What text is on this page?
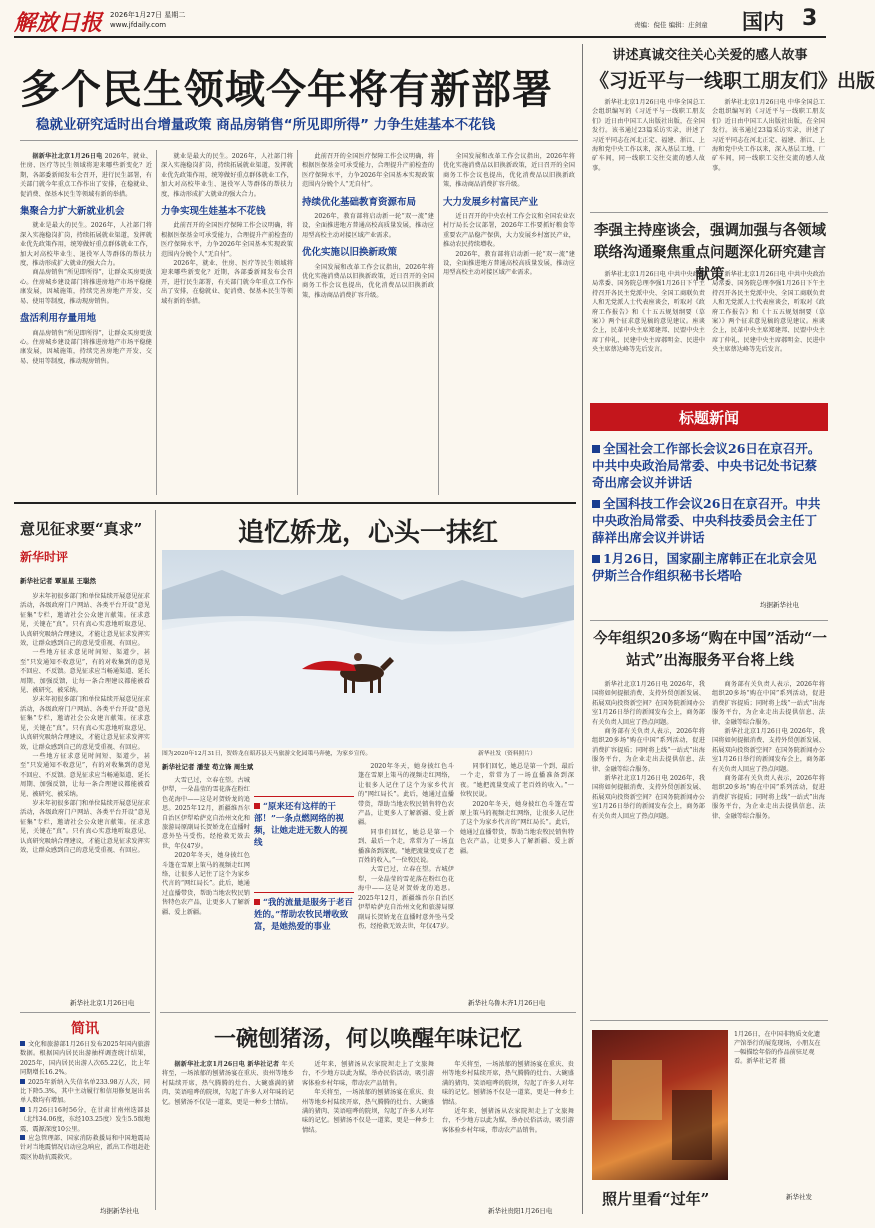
解放日报 2026年1月27日 星期二
www.jfdaily.com	责编：倪佳 编辑：庄剑童 国内 3
多个民生领域今年将有新部署
稳就业研究适时出台增量政策 商品房销售“所见即所得” 力争生娃基本不花钱

据新华社北京1月26日电 2026年，就业、住房、医疗等民生领域将迎来哪些新变化？近期，各部委新闻发布会召开，进行民生部署，有关部门就今年重点工作作出了安排，在稳就业、促消费、保基本民生等领域有新的举措。

集聚合力扩大新就业机会

就业是最大的民生。2026年，人社部门将深入实施稳岗扩岗，持续拓展就业渠道，发挥就业优先政策作用，统筹做好重点群体就业工作，加大对高校毕业生、退役军人等群体的帮扶力度，推动形成扩大就业的强大合力。

商品房销售“所见即所得”，让群众买房更放心。住房城乡建设部门将推进房地产市场平稳健康发展，因城施策，持续完善房地产开发、交易、使用等制度，推动现房销售。

盘活利用存量用地

商品房销售“所见即所得”，让群众买房更放心。住房城乡建设部门将推进房地产市场平稳健康发展，因城施策，持续完善房地产开发、交易、使用等制度，推动现房销售。

就业是最大的民生。2026年，人社部门将深入实施稳岗扩岗，持续拓展就业渠道，发挥就业优先政策作用，统筹做好重点群体就业工作，加大对高校毕业生、退役军人等群体的帮扶力度，推动形成扩大就业的强大合力。

力争实现生娃基本不花钱

此前召开的全国医疗保障工作会议明确，将根据医保基金可承受能力，合理提升产前检查的医疗保障水平，力争2026年全国基本实现政策范围内分娩个人“无自付”。

2026年，就业、住房、医疗等民生领域将迎来哪些新变化？近期，各部委新闻发布会召开，进行民生部署，有关部门就今年重点工作作出了安排，在稳就业、促消费、保基本民生等领域有新的举措。

此前召开的全国医疗保障工作会议明确，将根据医保基金可承受能力，合理提升产前检查的医疗保障水平，力争2026年全国基本实现政策范围内分娩个人“无自付”。

持续优化基础教育资源布局

2026年，教育部将启动新一轮“双一流”建设，全面推进地方普通高校高质量发展，推动应用型高校主动对接区域产业需求。

优化实施以旧换新政策

全国发展和改革工作会议指出，2026年将优化实施消费品以旧换新政策，近日召开的全国商务工作会议也提出，优化消费品以旧换新政策，推动商品消费扩容升级。

全国发展和改革工作会议指出，2026年将优化实施消费品以旧换新政策，近日召开的全国商务工作会议也提出，优化消费品以旧换新政策，推动商品消费扩容升级。

大力发展乡村富民产业

近日召开的中央农村工作会议和全国农业农村厅局长会议部署，2026年工作要抓好粮食等重要农产品稳产保供，大力发展乡村富民产业，推动农民持续增收。

2026年，教育部将启动新一轮“双一流”建设，全面推进地方普通高校高质量发展，推动应用型高校主动对接区域产业需求。

讲述真诚交往关心关爱的感人故事
《习近平与一线职工朋友们》出版

新华社北京1月26日电 中华全国总工会组织编写的《习近平与一线职工朋友们》近日由中国工人出版社出版，在全国发行。该书通过23篇采访实录，讲述了习近平同志在河北正定、福建、浙江、上海和党中央工作以来，深入基层工地、厂矿车间，同一线职工交往交流的感人故事。

新华社北京1月26日电 中华全国总工会组织编写的《习近平与一线职工朋友们》近日由中国工人出版社出版，在全国发行。该书通过23篇采访实录，讲述了习近平同志在河北正定、福建、浙江、上海和党中央工作以来，深入基层工地、厂矿车间，同一线职工交往交流的感人故事。

李强主持座谈会，强调加强与各领域联络沟通聚焦重点问题深化研究建言献策

新华社北京1月26日电 中共中央政治局常委、国务院总理李强1月26日下午主持召开各民主党派中央、全国工商联负责人和无党派人士代表座谈会，听取对《政府工作报告》和《十五五规划纲要（草案）》两个征求意见稿的意见建议。座谈会上，民革中央主席郑建邦、民盟中央主席丁仲礼、民建中央主席郝明金、民进中央主席蔡达峰等先后发言。

新华社北京1月26日电 中共中央政治局常委、国务院总理李强1月26日下午主持召开各民主党派中央、全国工商联负责人和无党派人士代表座谈会，听取对《政府工作报告》和《十五五规划纲要（草案）》两个征求意见稿的意见建议。座谈会上，民革中央主席郑建邦、民盟中央主席丁仲礼、民建中央主席郝明金、民进中央主席蔡达峰等先后发言。

标题新闻
全国社会工作部长会议26日在京召开。中共中央政治局常委、中央书记处书记蔡奇出席会议并讲话
全国科技工作会议26日在京召开。中共中央政治局常委、中央科技委员会主任丁薛祥出席会议并讲话
1月26日，国家副主席韩正在北京会见伊斯兰合作组织秘书长塔哈
均据新华社电
今年组织20多场“购在中国”活动“一站式”出海服务平台将上线

新华社北京1月26日电 2026年，我国将如何提振消费、支持外贸创新发展、拓展双向投资新空间？在国务院新闻办公室1月26日举行的新闻发布会上，商务部有关负责人回应了热点问题。

商务部有关负责人表示，2026年将组织20多场“购在中国”系列活动，促进消费扩容提质；同时将上线“一站式”出海服务平台，为企业走出去提供信息、法律、金融等综合服务。

新华社北京1月26日电 2026年，我国将如何提振消费、支持外贸创新发展、拓展双向投资新空间？在国务院新闻办公室1月26日举行的新闻发布会上，商务部有关负责人回应了热点问题。

商务部有关负责人表示，2026年将组织20多场“购在中国”系列活动，促进消费扩容提质；同时将上线“一站式”出海服务平台，为企业走出去提供信息、法律、金融等综合服务。

新华社北京1月26日电 2026年，我国将如何提振消费、支持外贸创新发展、拓展双向投资新空间？在国务院新闻办公室1月26日举行的新闻发布会上，商务部有关负责人回应了热点问题。

商务部有关负责人表示，2026年将组织20多场“购在中国”系列活动，促进消费扩容提质；同时将上线“一站式”出海服务平台，为企业走出去提供信息、法律、金融等综合服务。

照片里看“过年”
1月26日，在中国非物质文化遗产馆举行的展览现场，小朋友在一幅描绘年俗的作品前驻足观看。新华社记者 摄
新华社发
意见征求要“真求”
新华时评
新华社记者 覃星星 王聪然

岁末年初很多部门和单位陆续开展意见征求活动，各级政府门户网站、各类平台开设“意见征集”专栏，邀请社会公众建言献策。征求意见，关键在“真”。只有真心实意地听取意见、认真研究吸纳合理建议，才能让意见征求发挥实效，让群众感到自己的意见受重视、有回应。

一些地方征求意见时间短、渠道少，甚至“只发通知不收意见”，有的对收集到的意见不回应、不反馈。意见征求应当畅通渠道、延长周期、加强反馈，让每一条合理建议都能被看见、被研究、被采纳。

岁末年初很多部门和单位陆续开展意见征求活动，各级政府门户网站、各类平台开设“意见征集”专栏，邀请社会公众建言献策。征求意见，关键在“真”。只有真心实意地听取意见、认真研究吸纳合理建议，才能让意见征求发挥实效，让群众感到自己的意见受重视、有回应。

一些地方征求意见时间短、渠道少，甚至“只发通知不收意见”，有的对收集到的意见不回应、不反馈。意见征求应当畅通渠道、延长周期、加强反馈，让每一条合理建议都能被看见、被研究、被采纳。

岁末年初很多部门和单位陆续开展意见征求活动，各级政府门户网站、各类平台开设“意见征集”专栏，邀请社会公众建言献策。征求意见，关键在“真”。只有真心实意地听取意见、认真研究吸纳合理建议，才能让意见征求发挥实效，让群众感到自己的意见受重视、有回应。

新华社北京1月26日电
简讯
文化和旅游部1月26日发布2025年国内旅游数据。根据国内居民出游抽样调查统计结果，2025年，国内居民出游人次65.22亿，比上年同期增长16.2%。
2025年新纳入失信名单233.98万人次，同比下降5.3%，其中主动履行和信用修复退出名单人数均有增加。
1月26日16时56分，在甘肃甘南州迭部县（北纬34.06度，东经103.25度）发生5.5级地震，震源深度10公里。
应急管理部、国家消防救援局和中国地震局针对当地震情况启动应急响应，派出工作组赶赴震区协助抗震救灾。
均据新华社电
追忆娇龙，心头一抹红
图为2020年12月31日，贺娇龙在昭苏县天马旅游文化园策马奔驰，为家乡宣传。	新华社发（资料照片）
新华社记者 潘莹 苟立锋 周生斌

大雪已过，立春在望。古城伊犁，一朵晶莹的雪花落在粉红色花海中——这是对贺娇龙的追思。2025年12月，新疆维吾尔自治区伊犁哈萨克自治州文化和旅游局原副局长贺娇龙在直播时意外坠马受伤，经抢救无效去世，年仅47岁。

2020年冬天，她身披红色斗篷在雪原上策马的视频走红网络，让很多人记住了这个为家乡代言的“网红局长”。此后，她通过直播带货，帮助当地农牧民销售特色农产品，让更多人了解新疆、爱上新疆。

“原来还有这样的干部！”一条点燃网络的视频，让她走进无数人的视线
“我的流量是服务于老百姓的。”帮助农牧民增收致富，是她热爱的事业

2020年冬天，她身披红色斗篷在雪原上策马的视频走红网络，让很多人记住了这个为家乡代言的“网红局长”。此后，她通过直播带货，帮助当地农牧民销售特色农产品，让更多人了解新疆、爱上新疆。

同事们回忆，她总是第一个到、最后一个走，常常为了一场直播准备到深夜。“她把流量变成了老百姓的收入。”一位牧民说。

大雪已过，立春在望。古城伊犁，一朵晶莹的雪花落在粉红色花海中——这是对贺娇龙的追思。2025年12月，新疆维吾尔自治区伊犁哈萨克自治州文化和旅游局原副局长贺娇龙在直播时意外坠马受伤，经抢救无效去世，年仅47岁。

同事们回忆，她总是第一个到、最后一个走，常常为了一场直播准备到深夜。“她把流量变成了老百姓的收入。”一位牧民说。

2020年冬天，她身披红色斗篷在雪原上策马的视频走红网络，让很多人记住了这个为家乡代言的“网红局长”。此后，她通过直播带货，帮助当地农牧民销售特色农产品，让更多人了解新疆、爱上新疆。

新华社乌鲁木齐1月26日电
一碗刨猪汤，何以唤醒年味记忆

据新华社北京1月26日电 新华社记者 年关将至，一场浓郁的刨猪汤宴在重庆、贵州等地乡村陆续开席，热气腾腾的灶台、大碗盛满的猪肉、笑语喧哗的院坝，勾起了许多人对年味的记忆。刨猪汤不仅是一道菜，更是一种乡土情结。

近年来，刨猪汤从农家院坝走上了文旅舞台，不少地方以此为媒，举办民俗活动，吸引游客体验乡村年味，带动农产品销售。

年关将至，一场浓郁的刨猪汤宴在重庆、贵州等地乡村陆续开席，热气腾腾的灶台、大碗盛满的猪肉、笑语喧哗的院坝，勾起了许多人对年味的记忆。刨猪汤不仅是一道菜，更是一种乡土情结。

年关将至，一场浓郁的刨猪汤宴在重庆、贵州等地乡村陆续开席，热气腾腾的灶台、大碗盛满的猪肉、笑语喧哗的院坝，勾起了许多人对年味的记忆。刨猪汤不仅是一道菜，更是一种乡土情结。

近年来，刨猪汤从农家院坝走上了文旅舞台，不少地方以此为媒，举办民俗活动，吸引游客体验乡村年味，带动农产品销售。

新华社贵阳1月26日电
